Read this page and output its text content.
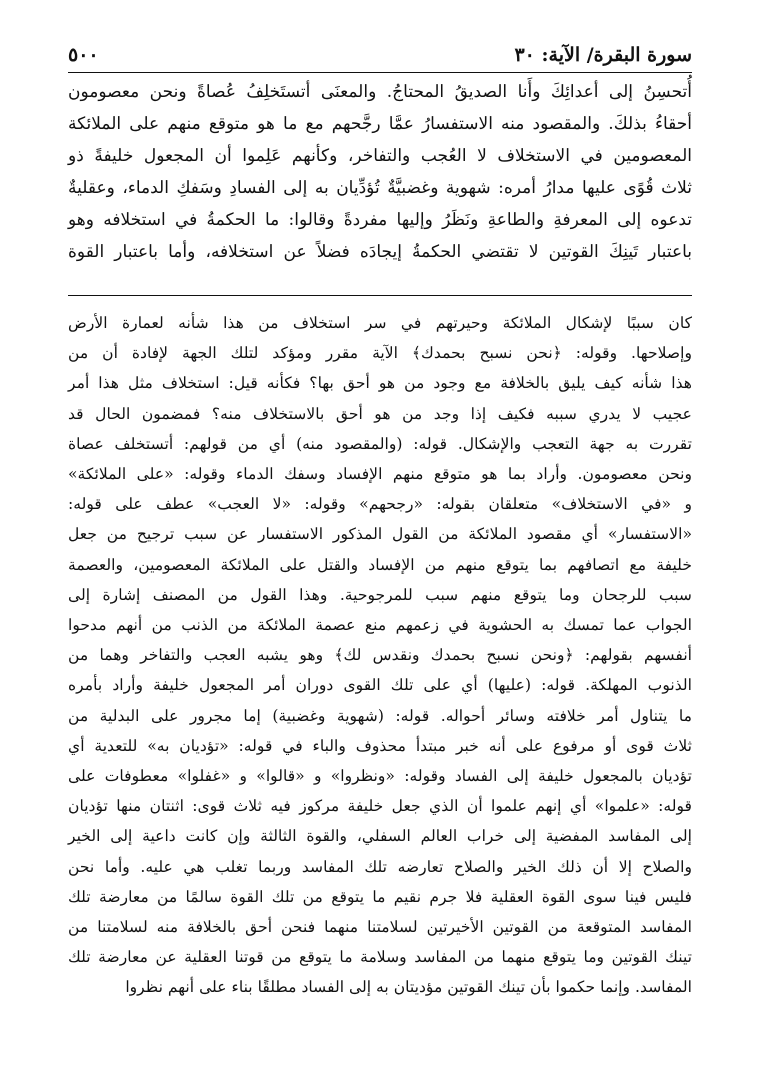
سورة البقرة/ الآية: ٣٠
٥٠٠

أُتحسِنُ إلى أعدائِكَ وأَنا الصديقُ المحتاجُ. والمعنَى أتستَخلِفُ عُصاةً ونحن معصومون

أحقاءُ بذلكَ. والمقصود منه الاستفسارُ عمَّا رجَّحهم مع ما هو متوقع منهم على الملائكة

المعصومين في الاستخلاف لا العُجب والتفاخر، وكأنهم عَلِموا أن المجعول خليفةً ذو

ثلاث قُوًى عليها مدارُ أمره: شهوية وغضبيَّةٌ تُؤدِّيان به إلى الفسادِ وسَفكِ الدماء، وعقليةٌ

تدعوه إلى المعرفةِ والطاعةِ ونَظَرُ وإليها مفردةً وقالوا: ما الحكمةُ في استخلافه وهو

باعتبار تَينِكَ القوتين لا تقتضي الحكمةُ إيجادَه فضلاً عن استخلافه، وأما باعتبار القوة

كان سببًا لإشكال الملائكة وحيرتهم في سر استخلاف من هذا شأنه لعمارة الأرض

وإصلاحها. وقوله: ﴿نحن نسبح بحمدك﴾ الآية مقرر ومؤكد لتلك الجهة لإفادة أن من

هذا شأنه كيف يليق بالخلافة مع وجود من هو أحق بها؟ فكأنه قيل: استخلاف مثل هذا أمر

عجيب لا يدري سببه فكيف إذا وجد من هو أحق بالاستخلاف منه؟ فمضمون الحال قد

تقررت به جهة التعجب والإشكال. قوله: (والمقصود منه) أي من قولهم: أتستخلف عصاة

ونحن معصومون. وأراد بما هو متوقع منهم الإفساد وسفك الدماء وقوله: «على الملائكة»

و «في الاستخلاف» متعلقان بقوله: «رجحهم» وقوله: «لا العجب» عطف على قوله:

«الاستفسار» أي مقصود الملائكة من القول المذكور الاستفسار عن سبب ترجيح من جعل

خليفة مع اتصافهم بما يتوقع منهم من الإفساد والقتل على الملائكة المعصومين، والعصمة

سبب للرجحان وما يتوقع منهم سبب للمرجوحية. وهذا القول من المصنف إشارة إلى

الجواب عما تمسك به الحشوية في زعمهم منع عصمة الملائكة من الذنب من أنهم مدحوا

أنفسهم بقولهم: ﴿ونحن نسبح بحمدك ونقدس لك﴾ وهو يشبه العجب والتفاخر وهما من

الذنوب المهلكة. قوله: (عليها) أي على تلك القوى دوران أمر المجعول خليفة وأراد بأمره

ما يتناول أمر خلافته وسائر أحواله. قوله: (شهوية وغضبية) إما مجرور على البدلية من

ثلاث قوى أو مرفوع على أنه خبر مبتدأ محذوف والباء في قوله: «تؤديان به» للتعدية أي

تؤديان بالمجعول خليفة إلى الفساد وقوله: «ونظروا» و «قالوا» و «غفلوا» معطوفات على

قوله: «علموا» أي إنهم علموا أن الذي جعل خليفة مركوز فيه ثلاث قوى: اثنتان منها تؤديان

إلى المفاسد المفضية إلى خراب العالم السفلي، والقوة الثالثة وإن كانت داعية إلى الخير

والصلاح إلا أن ذلك الخير والصلاح تعارضه تلك المفاسد وربما تغلب هي عليه. وأما نحن

فليس فينا سوى القوة العقلية فلا جرم نقيم ما يتوقع من تلك القوة سالمًا من معارضة تلك

المفاسد المتوقعة من القوتين الأخيرتين لسلامتنا منهما فنحن أحق بالخلافة منه لسلامتنا من

تينك القوتين وما يتوقع منهما من المفاسد وسلامة ما يتوقع من قوتنا العقلية عن معارضة تلك

المفاسد. وإنما حكموا بأن تينك القوتين مؤديتان به إلى الفساد مطلقًا بناء على أنهم نظروا
